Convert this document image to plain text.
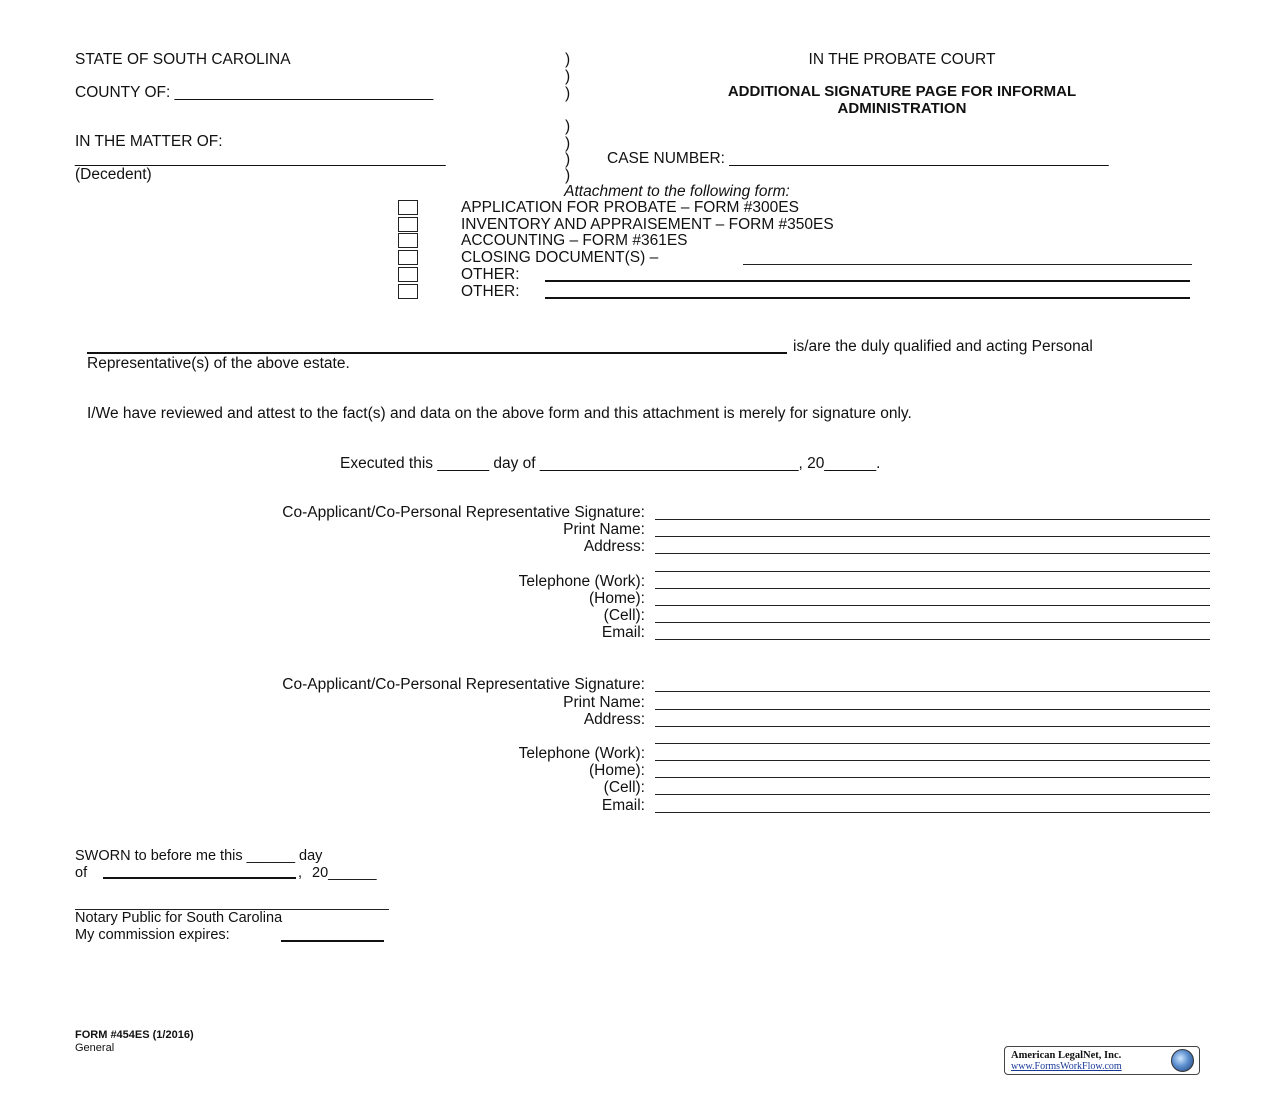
STATE OF SOUTH CAROLINA	IN THE PROBATE COURT
COUNTY OF: ______________________________	ADDITIONAL SIGNATURE PAGE FOR INFORMAL
ADMINISTRATION
IN THE MATTER OF:
___________________________________________
(Decedent)
CASE NUMBER: ____________________________________________
)
)
)
)
)
)
)
Attachment to the following form:
APPLICATION FOR PROBATE – FORM #300ES
INVENTORY AND APPRAISEMENT – FORM #350ES
ACCOUNTING – FORM #361ES
CLOSING DOCUMENT(S) –
OTHER:
OTHER:
is/are the duly qualified and acting Personal
Representative(s) of the above estate.
I/We have reviewed and attest to the fact(s) and data on the above form and this attachment is merely for signature only.
Executed this ______ day of ______________________________, 20______.
Co-Applicant/Co-Personal Representative Signature:
Print Name:
Address:
Telephone (Work):
(Home):
(Cell):
Email:
Co-Applicant/Co-Personal Representative Signature:
Print Name:
Address:
Telephone (Work):
(Home):
(Cell):
Email:
SWORN to before me this ______ day
of	, 20______
Notary Public for South Carolina
My commission expires:
FORM #454ES (1/2016)
General
American LegalNet, Inc.
www.FormsWorkFlow.com
